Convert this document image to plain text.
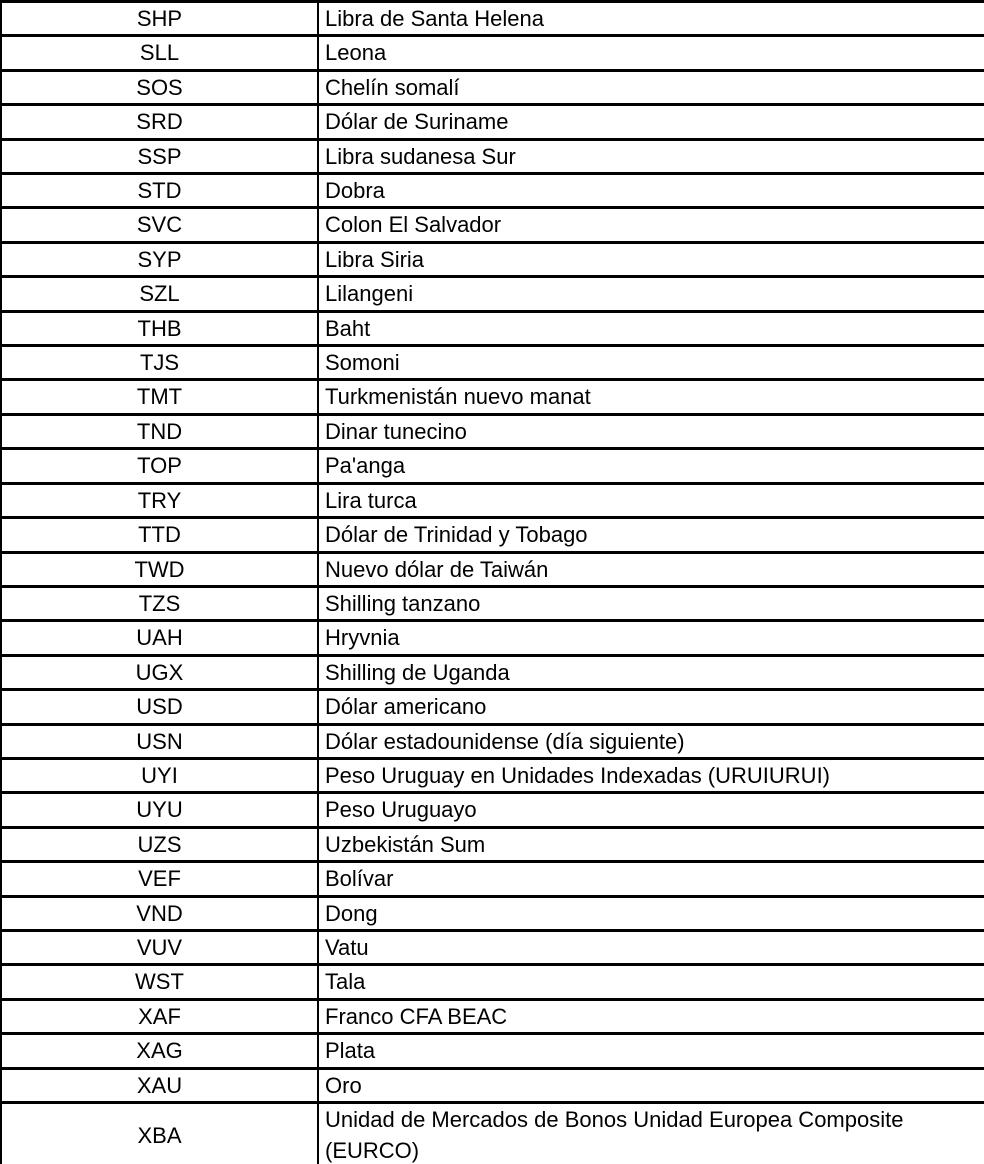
SHP	Libra de Santa Helena
SLL	Leona
SOS	Chelín somalí
SRD	Dólar de Suriname
SSP	Libra sudanesa Sur
STD	Dobra
SVC	Colon El Salvador
SYP	Libra Siria
SZL	Lilangeni
THB	Baht
TJS	Somoni
TMT	Turkmenistán nuevo manat
TND	Dinar tunecino
TOP	Pa'anga
TRY	Lira turca
TTD	Dólar de Trinidad y Tobago
TWD	Nuevo dólar de Taiwán
TZS	Shilling tanzano
UAH	Hryvnia
UGX	Shilling de Uganda
USD	Dólar americano
USN	Dólar estadounidense (día siguiente)
UYI	Peso Uruguay en Unidades Indexadas (URUIURUI)
UYU	Peso Uruguayo
UZS	Uzbekistán Sum
VEF	Bolívar
VND	Dong
VUV	Vatu
WST	Tala
XAF	Franco CFA BEAC
XAG	Plata
XAU	Oro
XBA	Unidad de Mercados de Bonos Unidad Europea Composite (EURCO)
